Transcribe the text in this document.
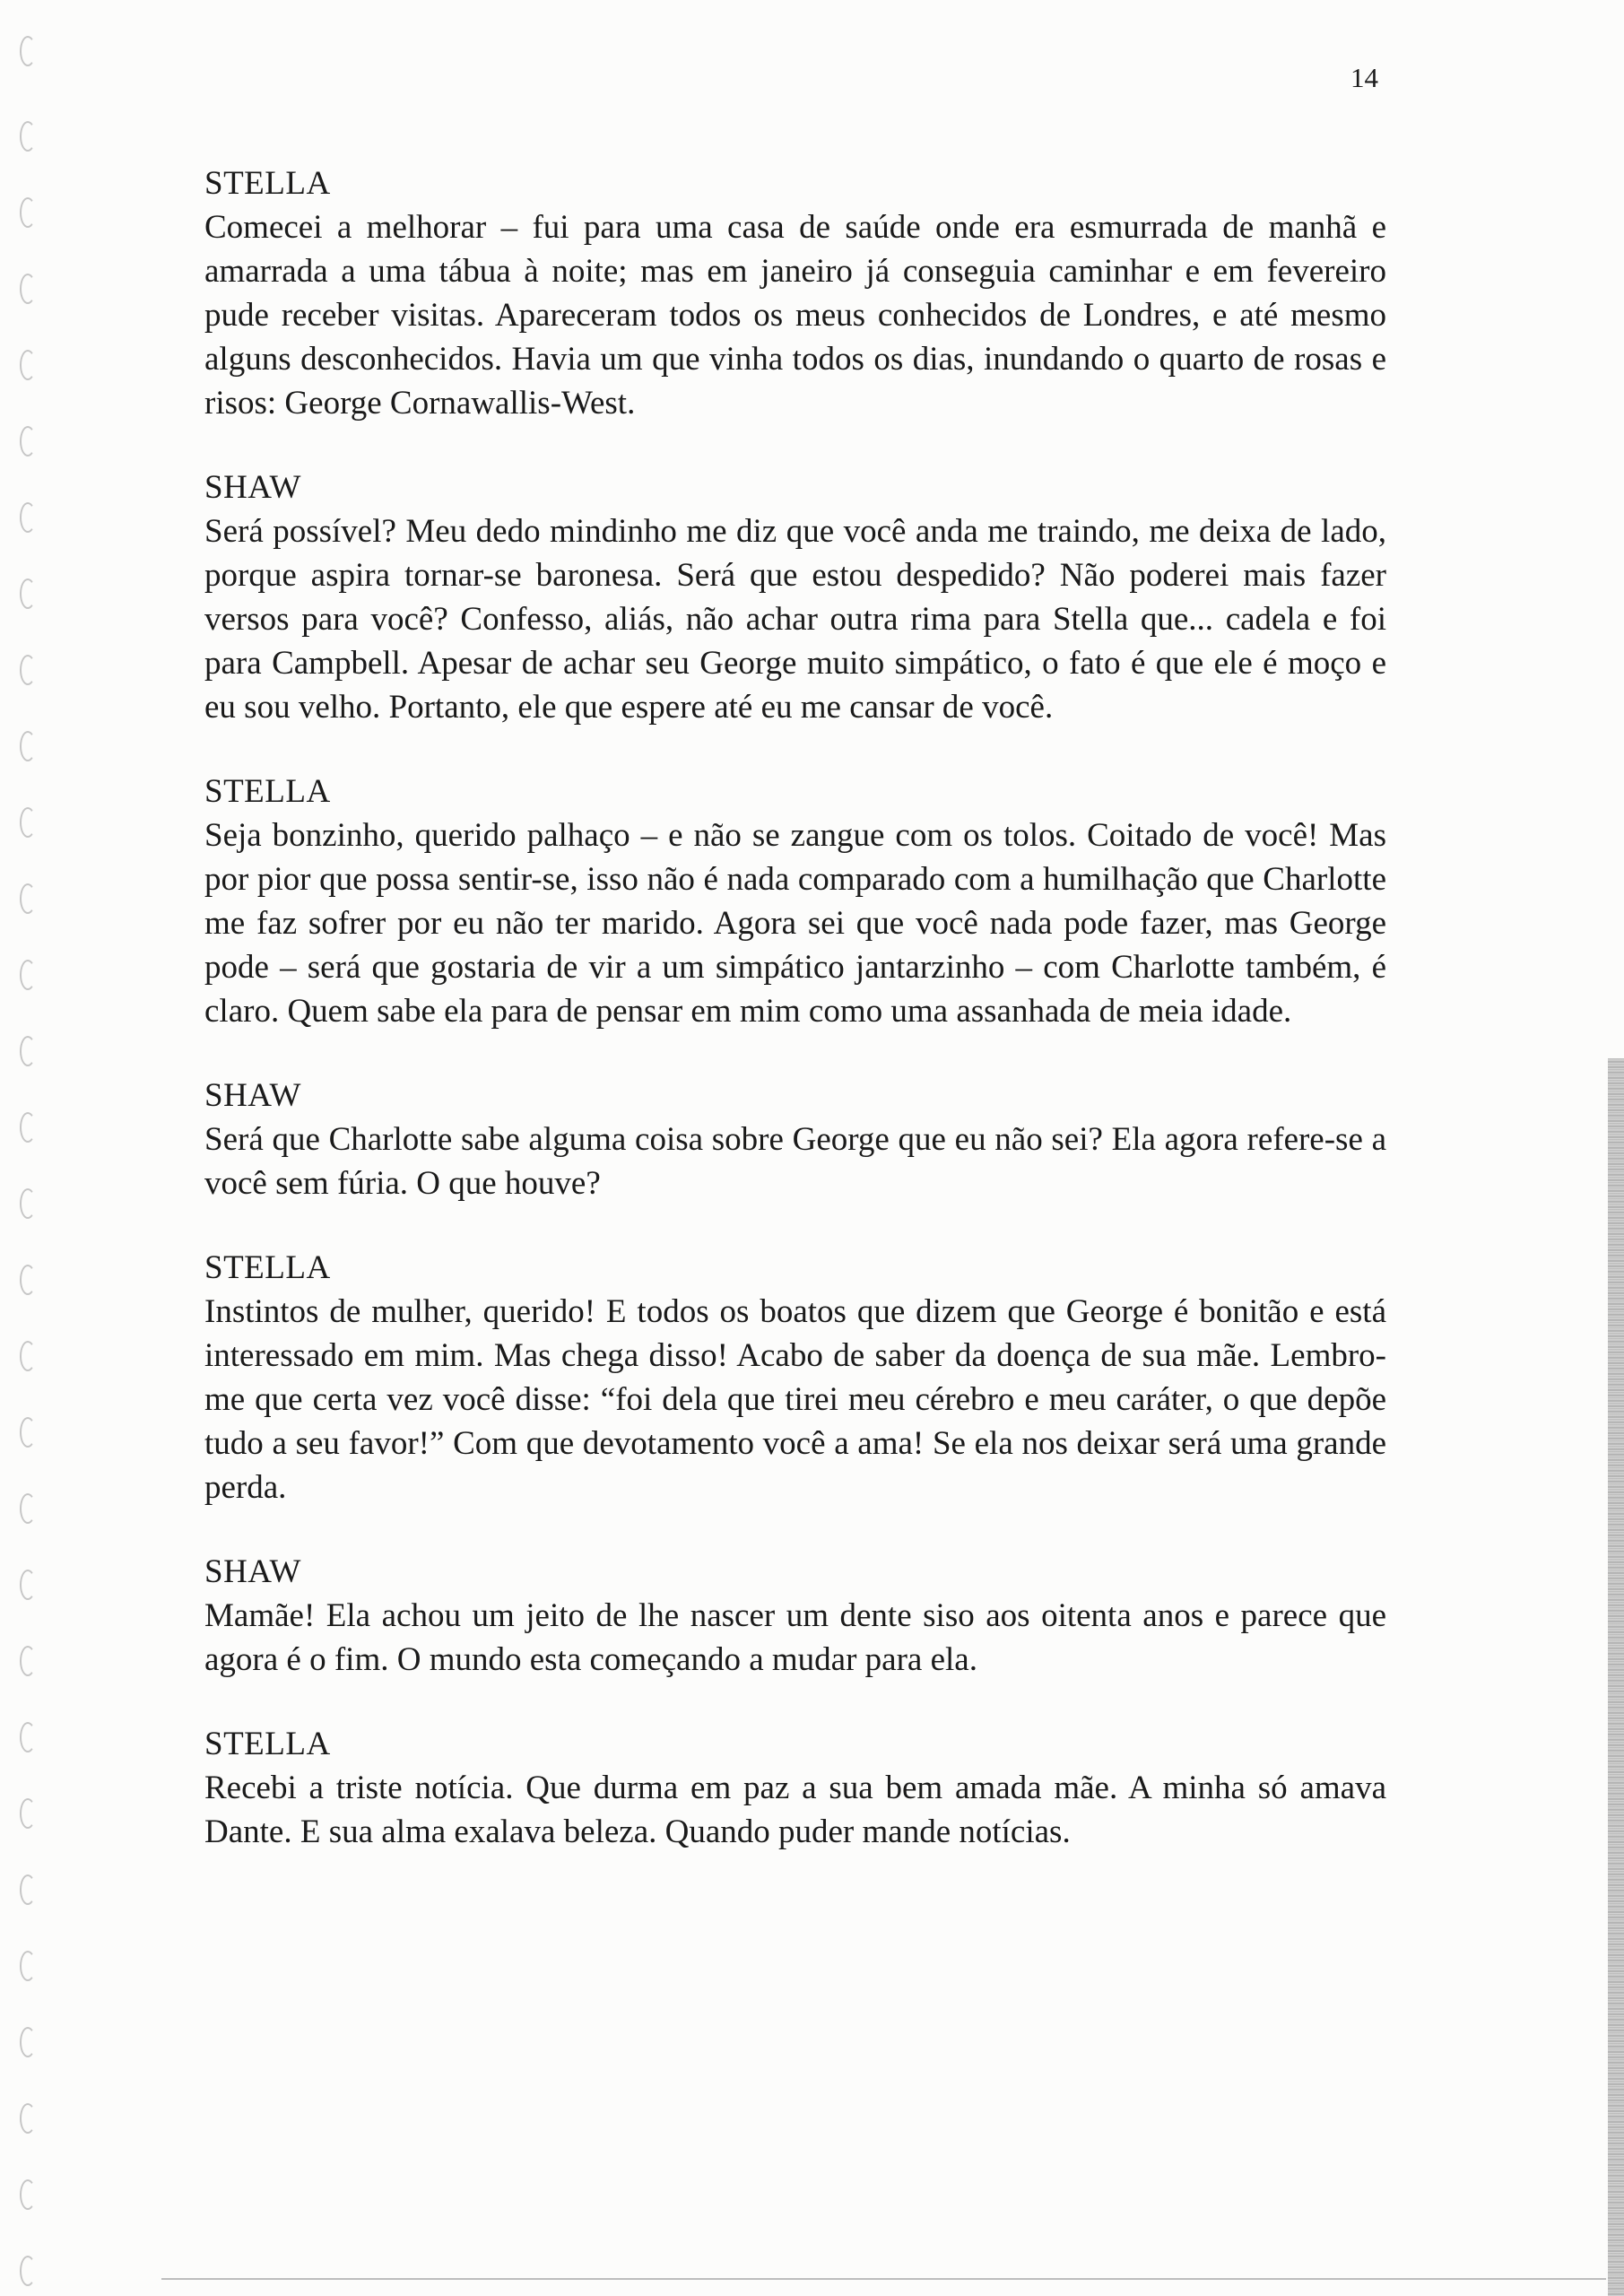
14
STELLA
Comecei a melhorar – fui para uma casa de saúde onde era esmurrada de manhã e amarrada a uma tábua à noite; mas em janeiro já conseguia caminhar e em fevereiro pude receber visitas. Apareceram todos os meus conhecidos de Londres, e até mesmo alguns desconhecidos. Havia um que vinha todos os dias, inundando o quarto de rosas e risos: George Cornawallis-West.
SHAW
Será possível? Meu dedo mindinho me diz que você anda me traindo, me deixa de lado, porque aspira tornar-se baronesa. Será que estou despedido? Não poderei mais fazer versos para você? Confesso, aliás, não achar outra rima para Stella que... cadela e foi para Campbell. Apesar de achar seu George muito simpático, o fato é que ele é moço e eu sou velho. Portanto, ele que espere até eu me cansar de você.
STELLA
Seja bonzinho, querido palhaço – e não se zangue com os tolos. Coitado de você! Mas por pior que possa sentir-se, isso não é nada comparado com a humilhação que Charlotte me faz sofrer por eu não ter marido. Agora sei que você nada pode fazer, mas George pode – será que gostaria de vir a um simpático jantarzinho – com Charlotte também, é claro. Quem sabe ela para de pensar em mim como uma assanhada de meia idade.
SHAW
Será que Charlotte sabe alguma coisa sobre George que eu não sei? Ela agora refere-se a você sem fúria. O que houve?
STELLA
Instintos de mulher, querido! E todos os boatos que dizem que George é bonitão e está interessado em mim. Mas chega disso! Acabo de saber da doença de sua mãe. Lembro-me que certa vez você disse: “foi dela que tirei meu cérebro e meu caráter, o que depõe tudo a seu favor!” Com que devotamento você a ama! Se ela nos deixar será uma grande perda.
SHAW
Mamãe! Ela achou um jeito de lhe nascer um dente siso aos oitenta anos e parece que agora é o fim. O mundo esta começando a mudar para ela.
STELLA
Recebi a triste notícia. Que durma em paz a sua bem amada mãe. A minha só amava Dante. E sua alma exalava beleza. Quando puder mande notícias.
